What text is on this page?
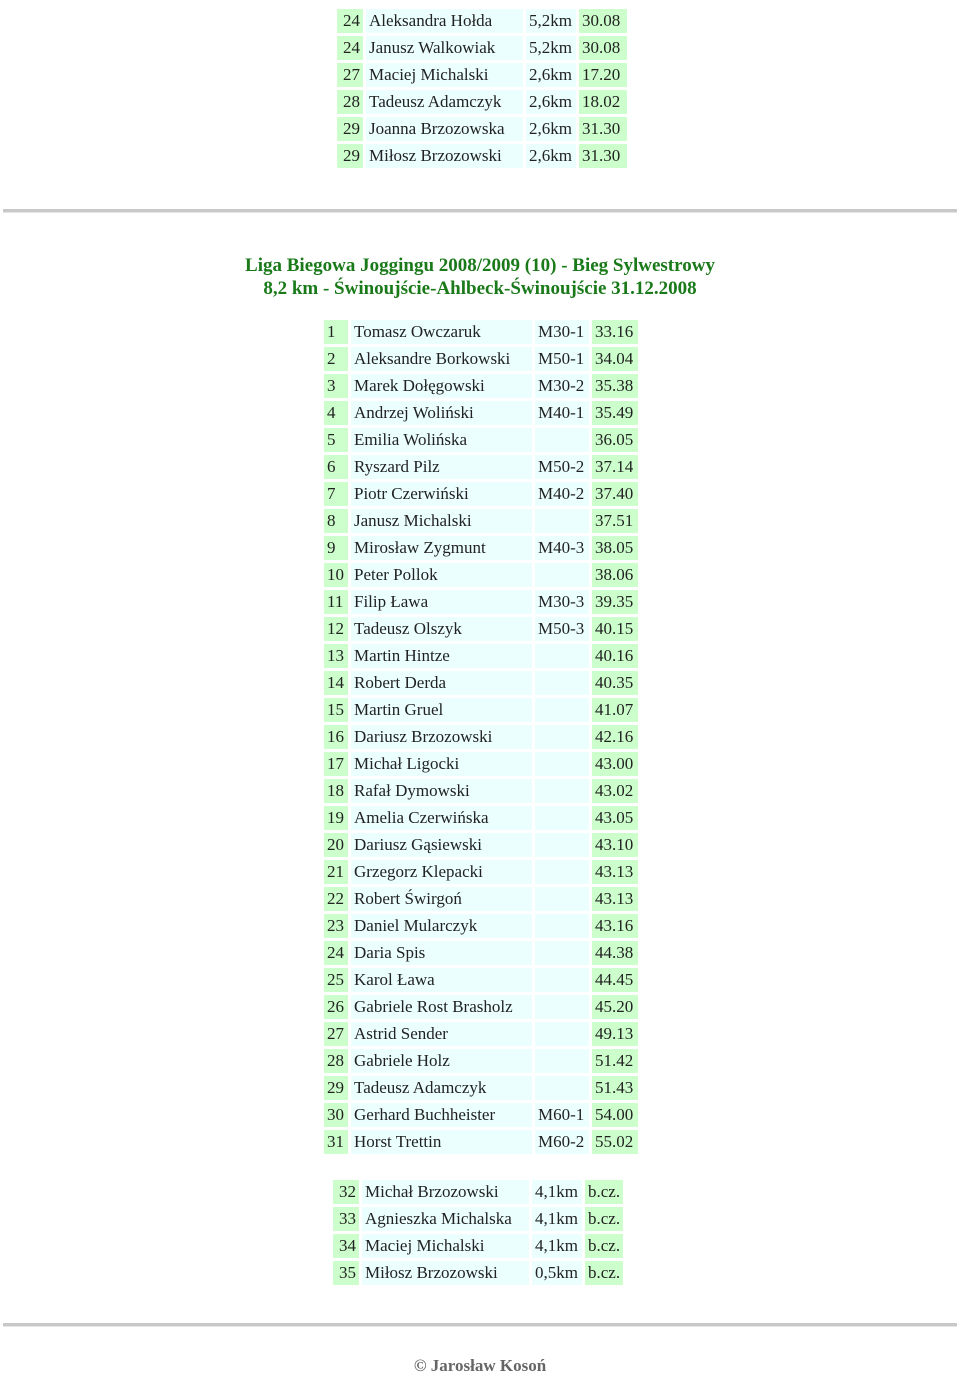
24	Aleksandra Hołda	5,2km	30.08
24	Janusz Walkowiak	5,2km	30.08
27	Maciej Michalski	2,6km	17.20
28	Tadeusz Adamczyk	2,6km	18.02
29	Joanna Brzozowska	2,6km	31.30
29	Miłosz Brzozowski	2,6km	31.30
Liga Biegowa Joggingu 2008/2009 (10) - Bieg Sylwestrowy
8,2 km - Świnoujście-Ahlbeck-Świnoujście 31.12.2008
1	Tomasz Owczaruk	M30-1	33.16
2	Aleksandre Borkowski	M50-1	34.04
3	Marek Dołęgowski	M30-2	35.38
4	Andrzej Woliński	M40-1	35.49
5	Emilia Wolińska		36.05
6	Ryszard Pilz	M50-2	37.14
7	Piotr Czerwiński	M40-2	37.40
8	Janusz Michalski		37.51
9	Mirosław Zygmunt	M40-3	38.05
10	Peter Pollok		38.06
11	Filip Ława	M30-3	39.35
12	Tadeusz Olszyk	M50-3	40.15
13	Martin Hintze		40.16
14	Robert Derda		40.35
15	Martin Gruel		41.07
16	Dariusz Brzozowski		42.16
17	Michał Ligocki		43.00
18	Rafał Dymowski		43.02
19	Amelia Czerwińska		43.05
20	Dariusz Gąsiewski		43.10
21	Grzegorz Klepacki		43.13
22	Robert Świrgoń		43.13
23	Daniel Mularczyk		43.16
24	Daria Spis		44.38
25	Karol Ława		44.45
26	Gabriele Rost Brasholz		45.20
27	Astrid Sender		49.13
28	Gabriele Holz		51.42
29	Tadeusz Adamczyk		51.43
30	Gerhard Buchheister	M60-1	54.00
31	Horst Trettin	M60-2	55.02
32	Michał Brzozowski	4,1km	b.cz.
33	Agnieszka Michalska	4,1km	b.cz.
34	Maciej Michalski	4,1km	b.cz.
35	Miłosz Brzozowski	0,5km	b.cz.
© Jarosław Kosoń
